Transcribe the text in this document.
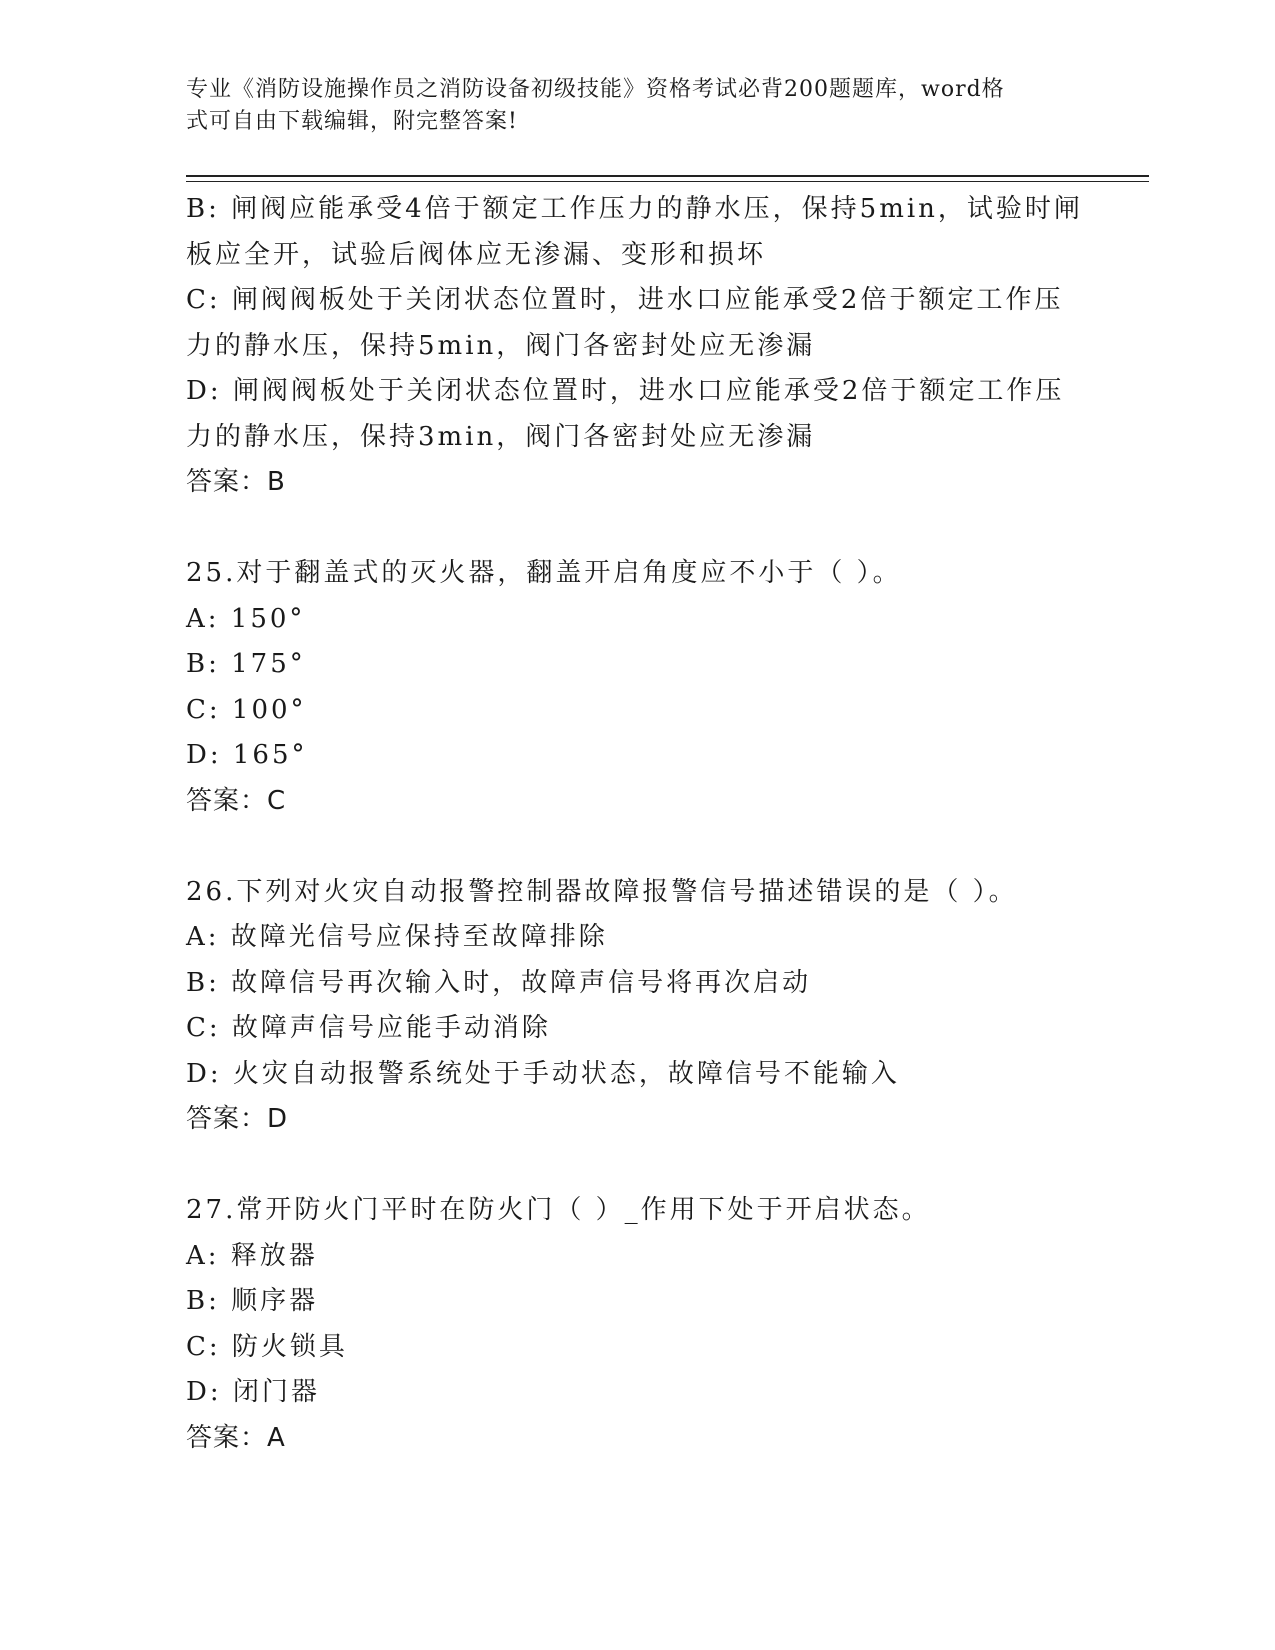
专业《消防设施操作员之消防设备初级技能》资格考试必背200题题库，word格
式可自由下载编辑，附完整答案!
B: 闸阀应能承受4倍于额定工作压力的静水压，保持5min，试验时闸
板应全开，试验后阀体应无渗漏、变形和损坏
C: 闸阀阀板处于关闭状态位置时，进水口应能承受2倍于额定工作压
力的静水压，保持5min，阀门各密封处应无渗漏
D: 闸阀阀板处于关闭状态位置时，进水口应能承受2倍于额定工作压
力的静水压，保持3min，阀门各密封处应无渗漏
答案：B
25.对于翻盖式的灭火器，翻盖开启角度应不小于（ ）。
A: 150°
B: 175°
C: 100°
D: 165°
答案：C
26.下列对火灾自动报警控制器故障报警信号描述错误的是（ ）。
A: 故障光信号应保持至故障排除
B: 故障信号再次输入时，故障声信号将再次启动
C: 故障声信号应能手动消除
D: 火灾自动报警系统处于手动状态，故障信号不能输入
答案：D
27.常开防火门平时在防火门（ ）_作用下处于开启状态。
A: 释放器
B: 顺序器
C: 防火锁具
D: 闭门器
答案：A
